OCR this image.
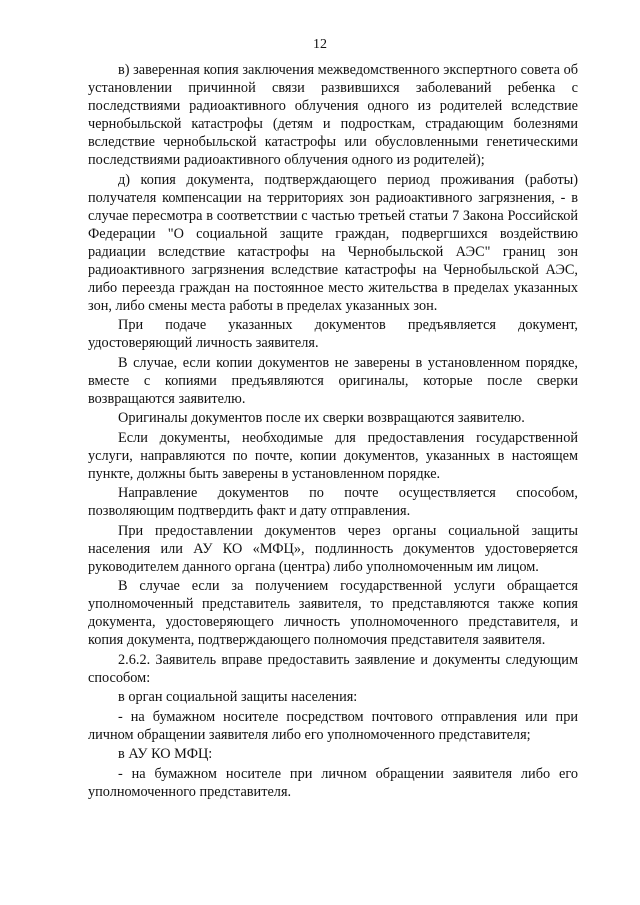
12

в) заверенная копия заключения межведомственного экспертного совета об установлении причинной связи развившихся заболеваний ребенка с последствиями радиоактивного облучения одного из родителей вследствие чернобыльской катастрофы (детям и подросткам, страдающим болезнями вследствие чернобыльской катастрофы или обусловленными генетическими последствиями радиоактивного облучения одного из родителей);

д) копия документа, подтверждающего период проживания (работы) получателя компенсации на территориях зон радиоактивного загрязнения, - в случае пересмотра в соответствии с частью третьей статьи 7 Закона Российской Федерации "О социальной защите граждан, подвергшихся воздействию радиации вследствие катастрофы на Чернобыльской АЭС" границ зон радиоактивного загрязнения вследствие катастрофы на Чернобыльской АЭС, либо переезда граждан на постоянное место жительства в пределах указанных зон, либо смены места работы в пределах указанных зон.

При подаче указанных документов предъявляется документ, удостоверяющий личность заявителя.

В случае, если копии документов не заверены в установленном порядке, вместе с копиями предъявляются оригиналы, которые после сверки возвращаются заявителю.

Оригиналы документов после их сверки возвращаются заявителю.

Если документы, необходимые для предоставления государственной услуги, направляются по почте, копии документов, указанных в настоящем пункте, должны быть заверены в установленном порядке.

Направление документов по почте осуществляется способом, позволяющим подтвердить факт и дату отправления.

При предоставлении документов через органы социальной защиты населения или АУ КО «МФЦ», подлинность документов удостоверяется руководителем данного органа (центра) либо уполномоченным им лицом.

В случае если за получением государственной услуги обращается уполномоченный представитель заявителя, то представляются также копия документа, удостоверяющего личность уполномоченного представителя, и копия документа, подтверждающего полномочия представителя заявителя.

2.6.2. Заявитель вправе предоставить заявление и документы следующим способом:

в орган социальной защиты населения:

- на бумажном носителе посредством почтового отправления или при личном обращении заявителя либо его уполномоченного представителя;

в АУ КО МФЦ:

- на бумажном носителе при личном обращении заявителя либо его уполномоченного представителя.
